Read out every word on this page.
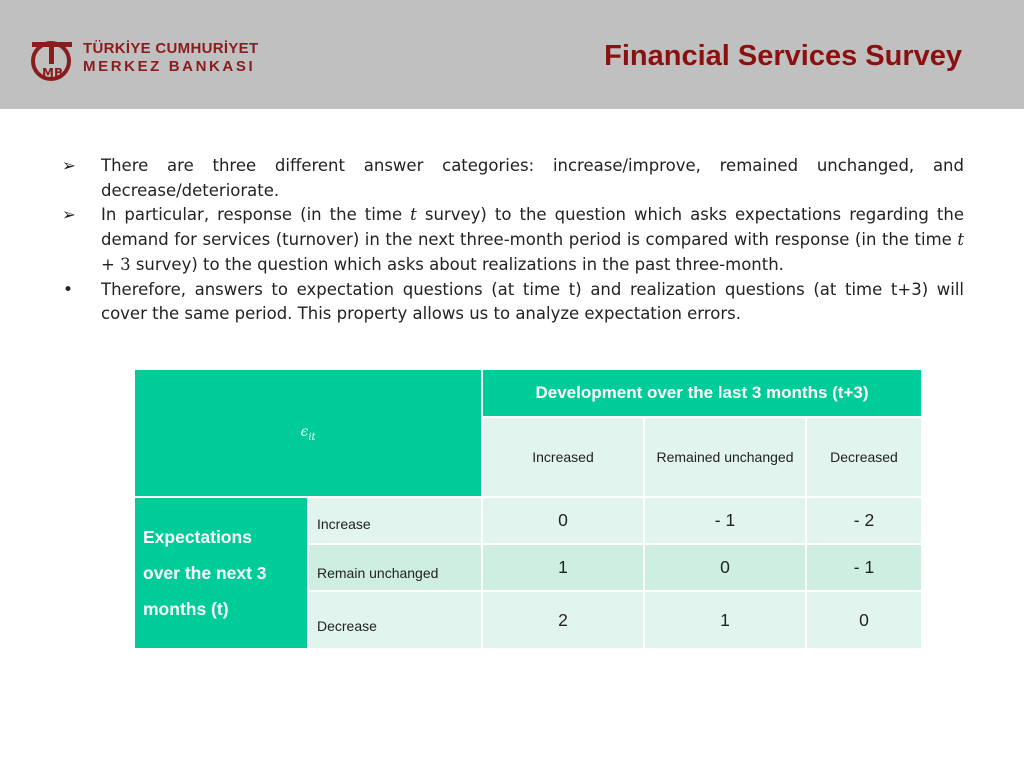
MB
TÜRKİYE CUMHURİYET
MERKEZ BANKASI	Financial Services Survey
➢	There are three different answer categories: increase/improve, remained unchanged, and decrease/deteriorate.
➢	In particular, response (in the time t survey) to the question which asks expectations regarding the demand for services (turnover) in the next three-month period is compared with response (in the time t + 3 survey) to the question which asks about realizations in the past three-month.
•	Therefore, answers to expectation questions (at time t) and realization questions (at time t+3) will cover the same period. This property allows us to analyze expectation errors.
$\epsilon_{it}$		Development over the last 3 months (t+3)		
		Increased	Remained unchanged	Decreased

Expectations
over the next 3
months (t)	Increase	0	- 1	- 2
	Remain unchanged	1	0	- 1
	Decrease	2	1	0
